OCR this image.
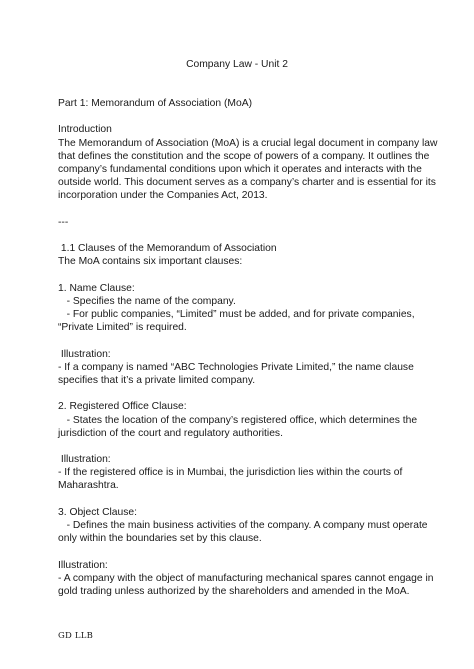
Company Law - Unit 2
Part 1: Memorandum of Association (MoA)
Introduction
The Memorandum of Association (MoA) is a crucial legal document in company law
that defines the constitution and the scope of powers of a company. It outlines the
company’s fundamental conditions upon which it operates and interacts with the
outside world. This document serves as a company’s charter and is essential for its
incorporation under the Companies Act, 2013.
---
1.1 Clauses of the Memorandum of Association
The MoA contains six important clauses:
1. Name Clause:
- Specifies the name of the company.
- For public companies, “Limited” must be added, and for private companies,
“Private Limited” is required.
Illustration:
- If a company is named “ABC Technologies Private Limited,” the name clause
specifies that it’s a private limited company.
2. Registered Office Clause:
- States the location of the company’s registered office, which determines the
jurisdiction of the court and regulatory authorities.
Illustration:
- If the registered office is in Mumbai, the jurisdiction lies within the courts of
Maharashtra.
3. Object Clause:
- Defines the main business activities of the company. A company must operate
only within the boundaries set by this clause.
Illustration:
- A company with the object of manufacturing mechanical spares cannot engage in
gold trading unless authorized by the shareholders and amended in the MoA.
GD LLB
